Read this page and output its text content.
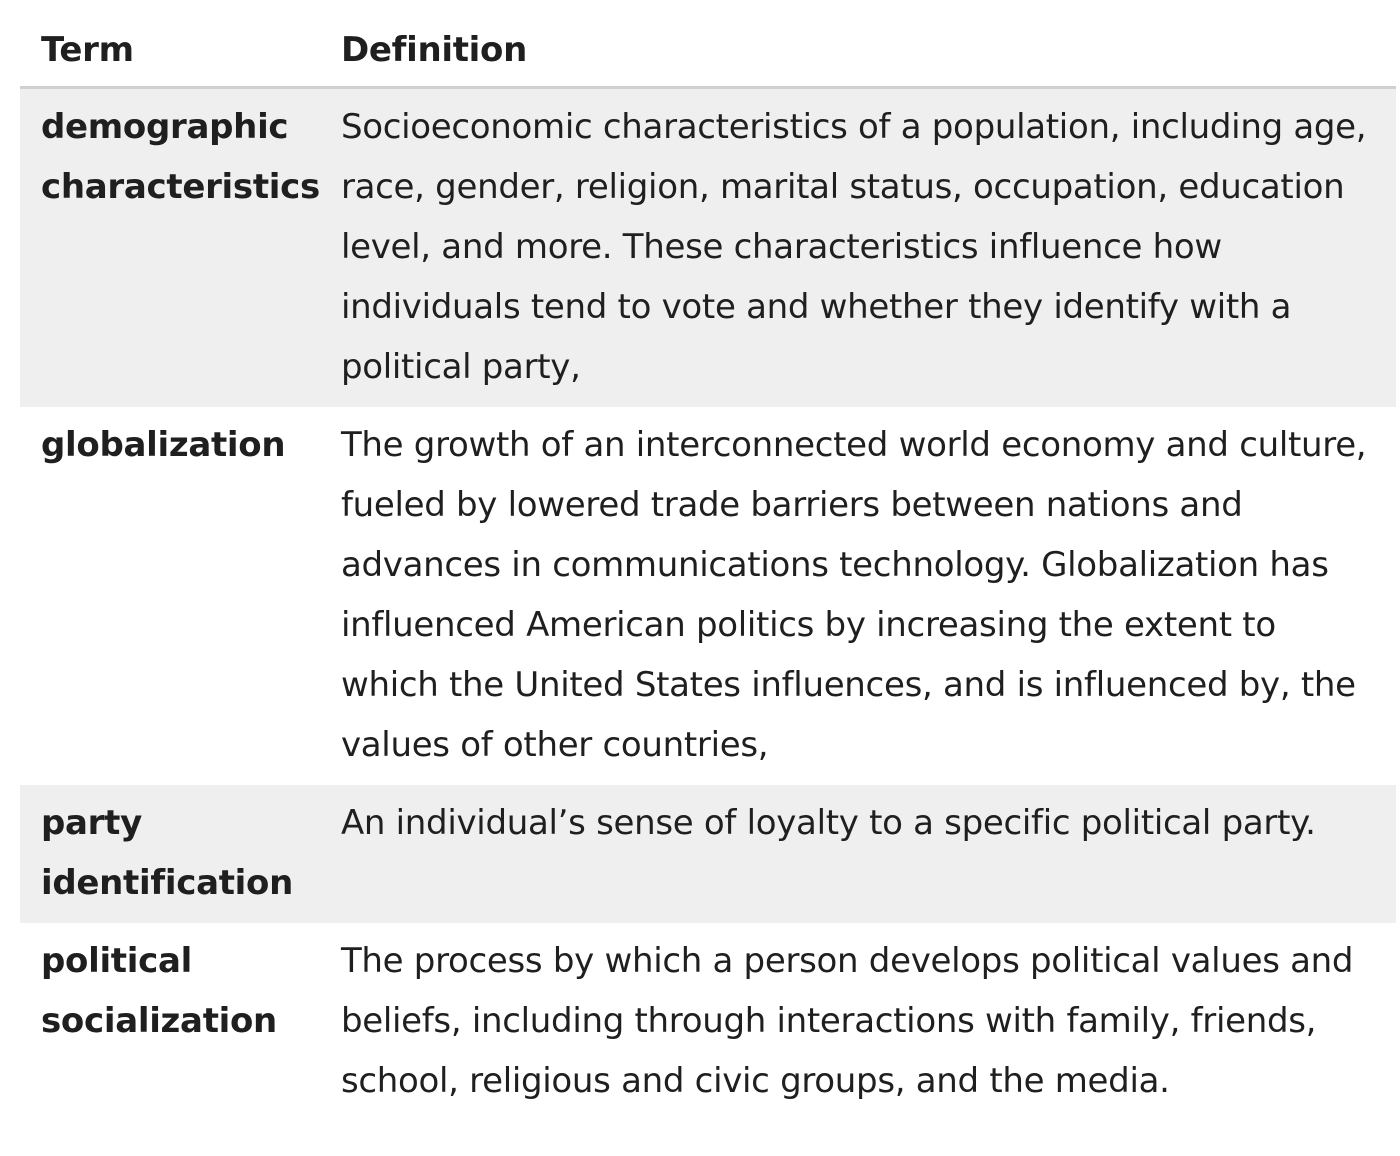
Term	Definition
demographic characteristics	Socioeconomic characteristics of a population, including age, race, gender, religion, marital status, occupation, education level, and more. These characteristics influence how individuals tend to vote and whether they identify with a political party,
globalization	The growth of an interconnected world economy and culture, fueled by lowered trade barriers between nations and advances in communications technology. Globalization has influenced American politics by increasing the extent to which the United States influences, and is influenced by, the values of other countries,
party identification	An individual’s sense of loyalty to a specific political party.
political socialization	The process by which a person develops political values and beliefs, including through interactions with family, friends, school, religious and civic groups, and the media.
